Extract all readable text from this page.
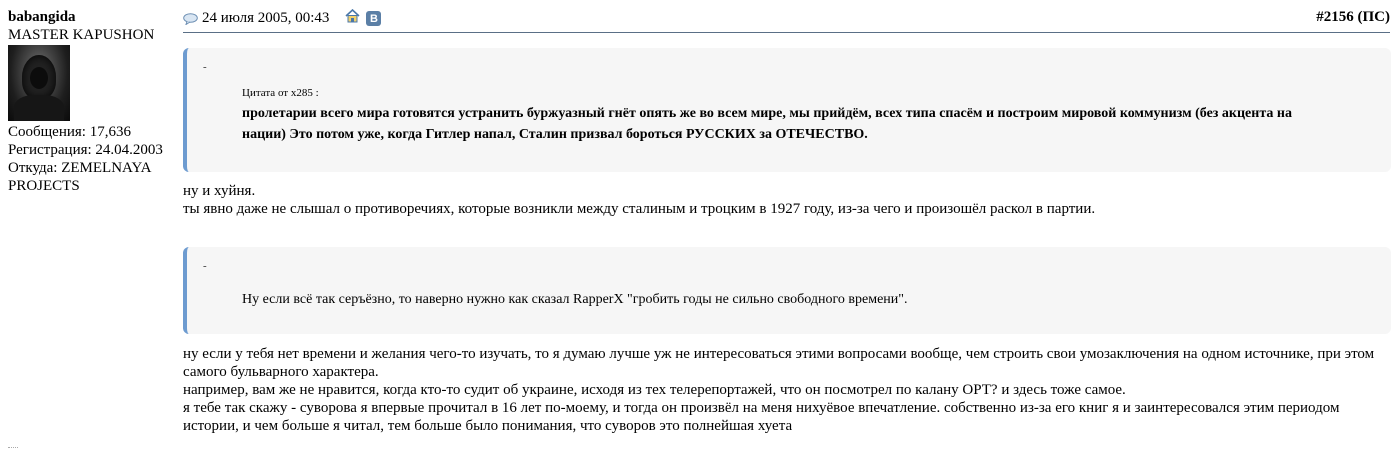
babangida
MASTER KAPUSHON
Сообщения: 17,636
Регистрация: 24.04.2003
Откуда: ZEMELNAYA PROJECTS
24 июля 2005, 00:43	B	#2156 (ПС)
-
Цитата от x285 :
пролетарии всего мира готовятся устранить буржуазный гнёт опять же во всем мире, мы прийдём, всех типа спасём и построим мировой коммунизм (без акцента на нации) Это потом уже, когда Гитлер напал, Сталин призвал бороться РУССКИХ за ОТЕЧЕСТВО.

ну и хуйня.

ты явно даже не слышал о противоречиях, которые возникли между сталиным и троцким в 1927 году, из-за чего и произошёл раскол в партии.

-
Ну если всё так серъёзно, то наверно нужно как сказал RapperX "гробить годы не сильно свободного времени".

ну если у тебя нет времени и желания чего-то изучать, то я думаю лучше уж не интересоваться этими вопросами вообще, чем строить свои умозаключения на одном источнике, при этом самого бульварного характера.

например, вам же не нравится, когда кто-то судит об украине, исходя из тех телерепортажей, что он посмотрел по калану ОРТ? и здесь тоже самое.

я тебе так скажу - суворова я впервые прочитал в 16 лет по-моему, и тогда он произвёл на меня нихуёвое впечатление. собственно из-за его книг я и заинтересовался этим периодом истории, и чем больше я читал, тем больше было понимания, что суворов это полнейшая хуета
